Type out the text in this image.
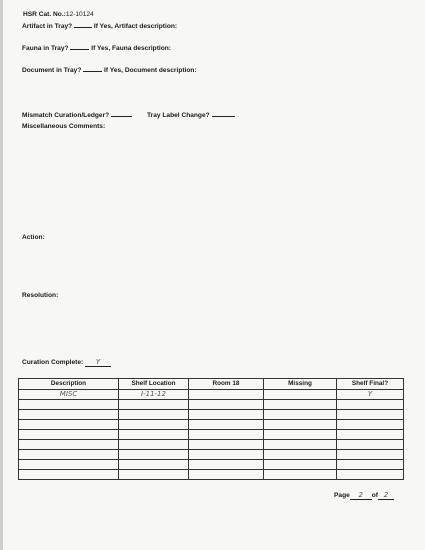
HSR Cat. No.:12-10124
Artifact in Tray?	If Yes, Artifact description:
Fauna in Tray?	If Yes, Fauna description:
Document in Tray?	If Yes, Document description:
Mismatch Curation/Ledger?	Tray Label Change?
Miscellaneous Comments:
Action:
Resolution:
Curation Complete: Y
Description	Shelf Location	Room 18	Missing	Shelf Final?
MISC	I-11-12			Y

Page 2 of 2
